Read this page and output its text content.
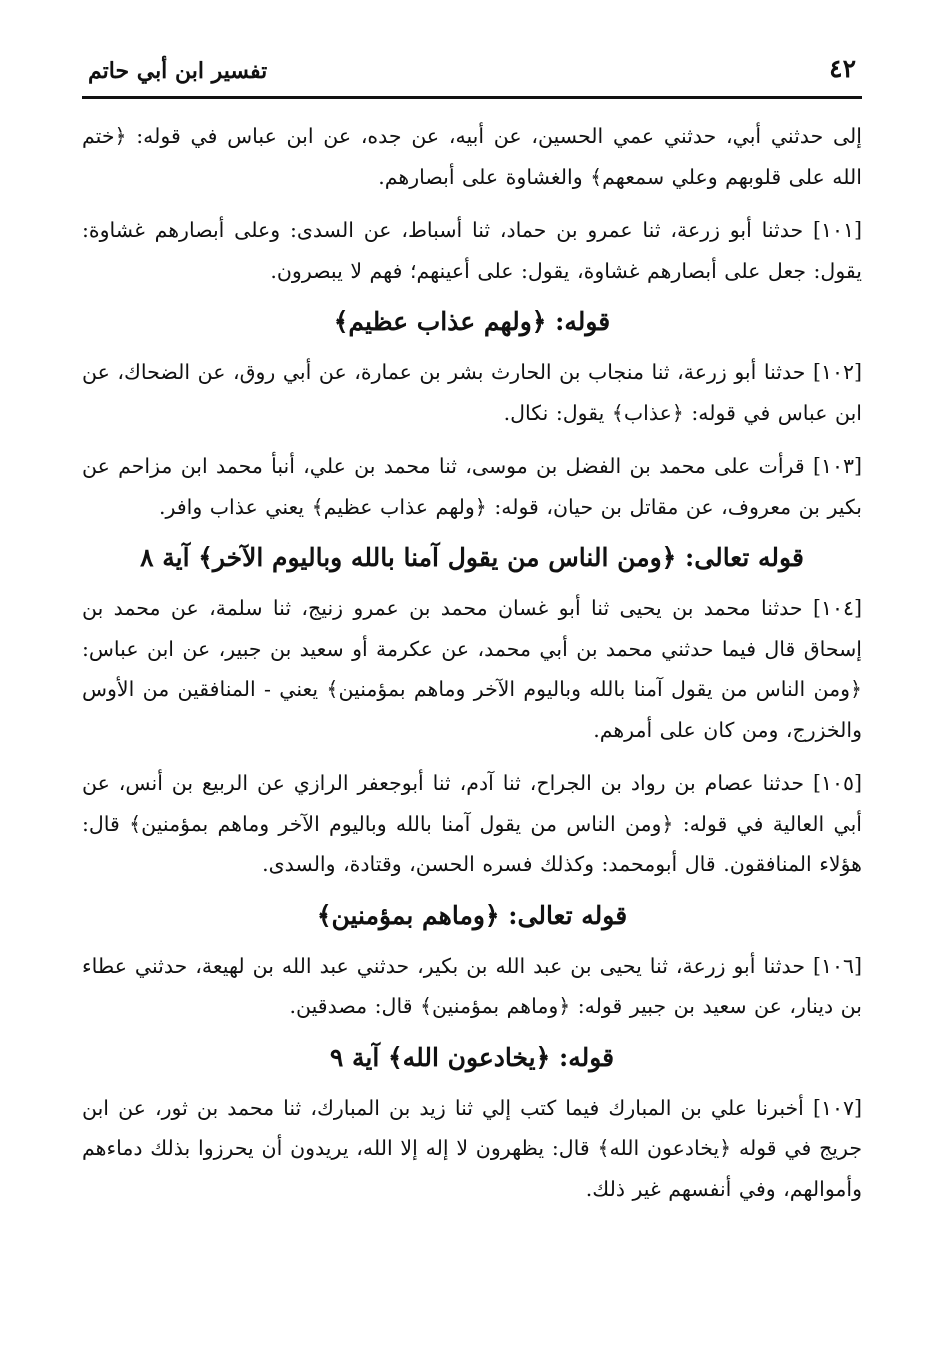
٤٢
تفسير ابن أبي حاتم

إلى حدثني أبي، حدثني عمي الحسين، عن أبيه، عن جده، عن ابن عباس في قوله: ﴿ختم الله على قلوبهم وعلي سمعهم﴾ والغشاوة على أبصارهم.

[١٠١] حدثنا أبو زرعة، ثنا عمرو بن حماد، ثنا أسباط، عن السدى: وعلى أبصارهم غشاوة: يقول: جعل على أبصارهم غشاوة، يقول: على أعينهم؛ فهم لا يبصرون.

قوله: ﴿ولهم عذاب عظيم﴾

[١٠٢] حدثنا أبو زرعة، ثنا منجاب بن الحارث بشر بن عمارة، عن أبي روق، عن الضحاك، عن ابن عباس في قوله: ﴿عذاب﴾ يقول: نكال.

[١٠٣] قرأت على محمد بن الفضل بن موسى، ثنا محمد بن علي، أنبأ محمد ابن مزاحم عن بكير بن معروف، عن مقاتل بن حيان، قوله: ﴿ولهم عذاب عظيم﴾ يعني عذاب وافر.

قوله تعالى: ﴿ومن الناس من يقول آمنا بالله وباليوم الآخر﴾ آية ٨

[١٠٤] حدثنا محمد بن يحيى ثنا أبو غسان محمد بن عمرو زنيج، ثنا سلمة، عن محمد بن إسحاق قال فيما حدثني محمد بن أبي محمد، عن عكرمة أو سعيد بن جبير، عن ابن عباس: ﴿ومن الناس من يقول آمنا بالله وباليوم الآخر وماهم بمؤمنين﴾ يعني - المنافقين من الأوس والخزرج، ومن كان على أمرهم.

[١٠٥] حدثنا عصام بن رواد بن الجراح، ثنا آدم، ثنا أبوجعفر الرازي عن الربيع بن أنس، عن أبي العالية في قوله: ﴿ومن الناس من يقول آمنا بالله وباليوم الآخر وماهم بمؤمنين﴾ قال: هؤلاء المنافقون. قال أبومحمد: وكذلك فسره الحسن، وقتادة، والسدى.

قوله تعالى: ﴿وماهم بمؤمنين﴾

[١٠٦] حدثنا أبو زرعة، ثنا يحيى بن عبد الله بن بكير، حدثني عبد الله بن لهيعة، حدثني عطاء بن دينار، عن سعيد بن جبير قوله: ﴿وماهم بمؤمنين﴾ قال: مصدقين.

قوله: ﴿يخادعون الله﴾ آية ٩

[١٠٧] أخبرنا علي بن المبارك فيما كتب إلي ثنا زيد بن المبارك، ثنا محمد بن ثور، عن ابن جريج في قوله ﴿يخادعون الله﴾ قال: يظهرون لا إله إلا الله، يريدون أن يحرزوا بذلك دماءهم وأموالهم، وفي أنفسهم غير ذلك.
